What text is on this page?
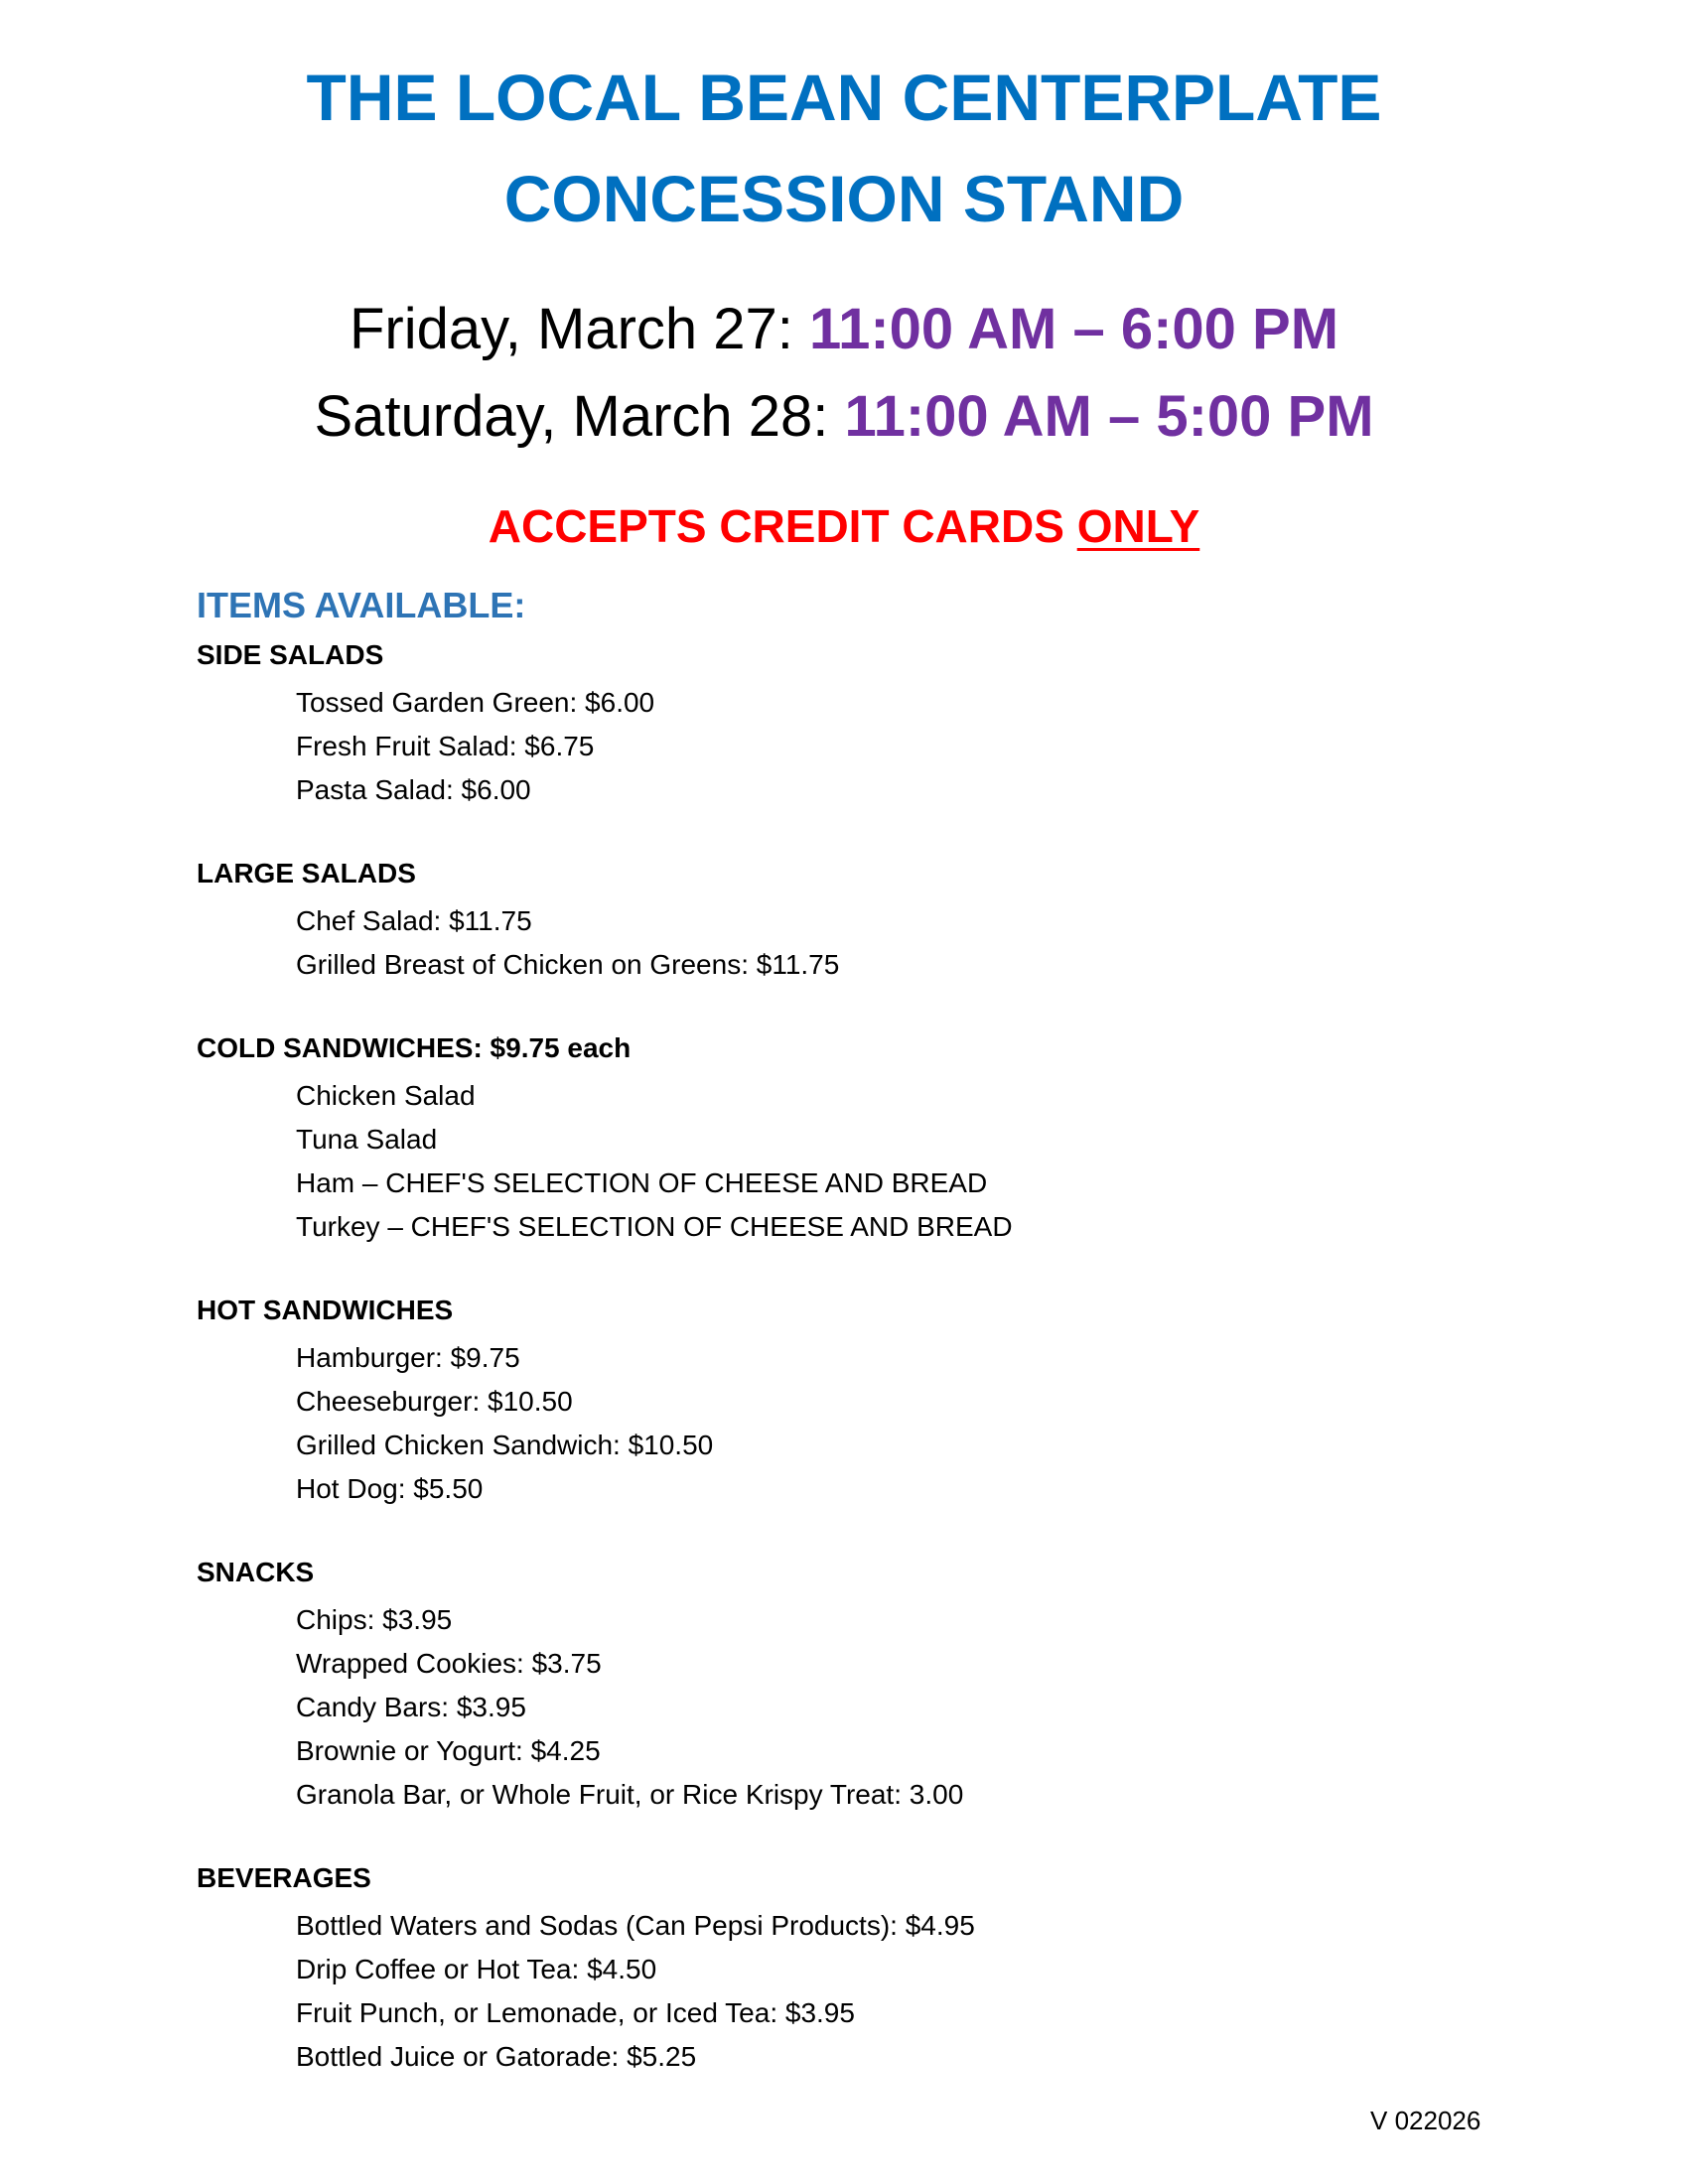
THE LOCAL BEAN CENTERPLATE
CONCESSION STAND
Friday, March 27: 11:00 AM – 6:00 PM
Saturday, March 28: 11:00 AM – 5:00 PM
ACCEPTS CREDIT CARDS ONLY
ITEMS AVAILABLE:
SIDE SALADS
Tossed Garden Green: $6.00
Fresh Fruit Salad: $6.75
Pasta Salad: $6.00
LARGE SALADS
Chef Salad: $11.75
Grilled Breast of Chicken on Greens: $11.75
COLD SANDWICHES: $9.75 each
Chicken Salad
Tuna Salad
Ham – CHEF'S SELECTION OF CHEESE AND BREAD
Turkey – CHEF'S SELECTION OF CHEESE AND BREAD
HOT SANDWICHES
Hamburger: $9.75
Cheeseburger: $10.50
Grilled Chicken Sandwich: $10.50
Hot Dog: $5.50
SNACKS
Chips: $3.95
Wrapped Cookies: $3.75
Candy Bars: $3.95
Brownie or Yogurt: $4.25
Granola Bar, or Whole Fruit, or Rice Krispy Treat: 3.00
BEVERAGES
Bottled Waters and Sodas (Can Pepsi Products): $4.95
Drip Coffee or Hot Tea: $4.50
Fruit Punch, or Lemonade, or Iced Tea: $3.95
Bottled Juice or Gatorade: $5.25
V 022026
